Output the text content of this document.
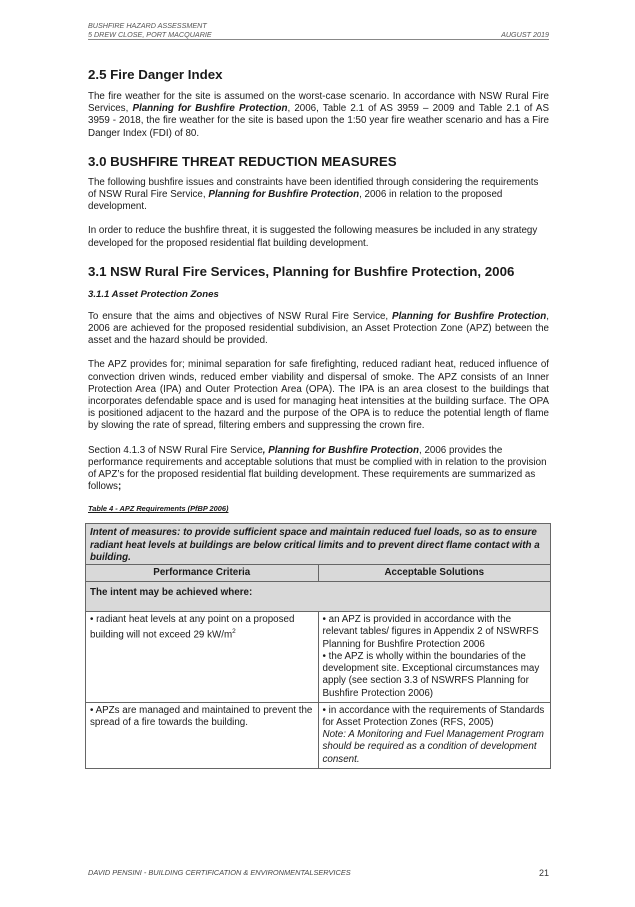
BUSHFIRE HAZARD ASSESSMENT
5 DREW CLOSE, PORT MACQUARIE	AUGUST 2019
2.5 Fire Danger Index

The fire weather for the site is assumed on the worst-case scenario. In accordance with NSW Rural Fire Services, Planning for Bushfire Protection, 2006, Table 2.1 of AS 3959 – 2009 and Table 2.1 of AS 3959 - 2018, the fire weather for the site is based upon the 1:50 year fire weather scenario and has a Fire Danger Index (FDI) of 80.

3.0 BUSHFIRE THREAT REDUCTION MEASURES

The following bushfire issues and constraints have been identified through considering the requirements of NSW Rural Fire Service, Planning for Bushfire Protection, 2006 in relation to the proposed development.

In order to reduce the bushfire threat, it is suggested the following measures be included in any strategy developed for the proposed residential flat building development.

3.1 NSW Rural Fire Services, Planning for Bushfire Protection, 2006
3.1.1 Asset Protection Zones

To ensure that the aims and objectives of NSW Rural Fire Service, Planning for Bushfire Protection, 2006 are achieved for the proposed residential subdivision, an Asset Protection Zone (APZ) between the asset and the hazard should be provided.

The APZ provides for; minimal separation for safe firefighting, reduced radiant heat, reduced influence of convection driven winds, reduced ember viability and dispersal of smoke. The APZ consists of an Inner Protection Area (IPA) and Outer Protection Area (OPA). The IPA is an area closest to the buildings that incorporates defendable space and is used for managing heat intensities at the building surface. The OPA is positioned adjacent to the hazard and the purpose of the OPA is to reduce the potential length of flame by slowing the rate of spread, filtering embers and suppressing the crown fire.

Section 4.1.3 of NSW Rural Fire Service, Planning for Bushfire Protection, 2006 provides the performance requirements and acceptable solutions that must be complied with in relation to the provision of APZ’s for the proposed residential flat building development. These requirements are summarized as follows;

Table 4 - APZ Requirements (PfBP 2006)

Intent of measures: to provide sufficient space and maintain reduced fuel loads, so as to ensure radiant heat levels at buildings are below critical limits and to prevent direct flame contact with a building.	
Performance Criteria	Acceptable Solutions
The intent may be achieved where:	
• radiant heat levels at any point on a proposed building will not exceed 29 $kW/m^2$	• an APZ is provided in accordance with the relevant tables/ figures in Appendix 2 of NSWRFS Planning for Bushfire Protection 2006
• the APZ is wholly within the boundaries of the development site. Exceptional circumstances may apply (see section 3.3 of NSWRFS Planning for Bushfire Protection 2006)

• APZs are managed and maintained to prevent the spread of a fire towards the building.	• in accordance with the requirements of Standards for Asset Protection Zones (RFS, 2005)
Note: A Monitoring and Fuel Management Program should be required as a condition of development consent.
DAVID PENSINI - BUILDING CERTIFICATION & ENVIRONMENTALSERVICES	21
